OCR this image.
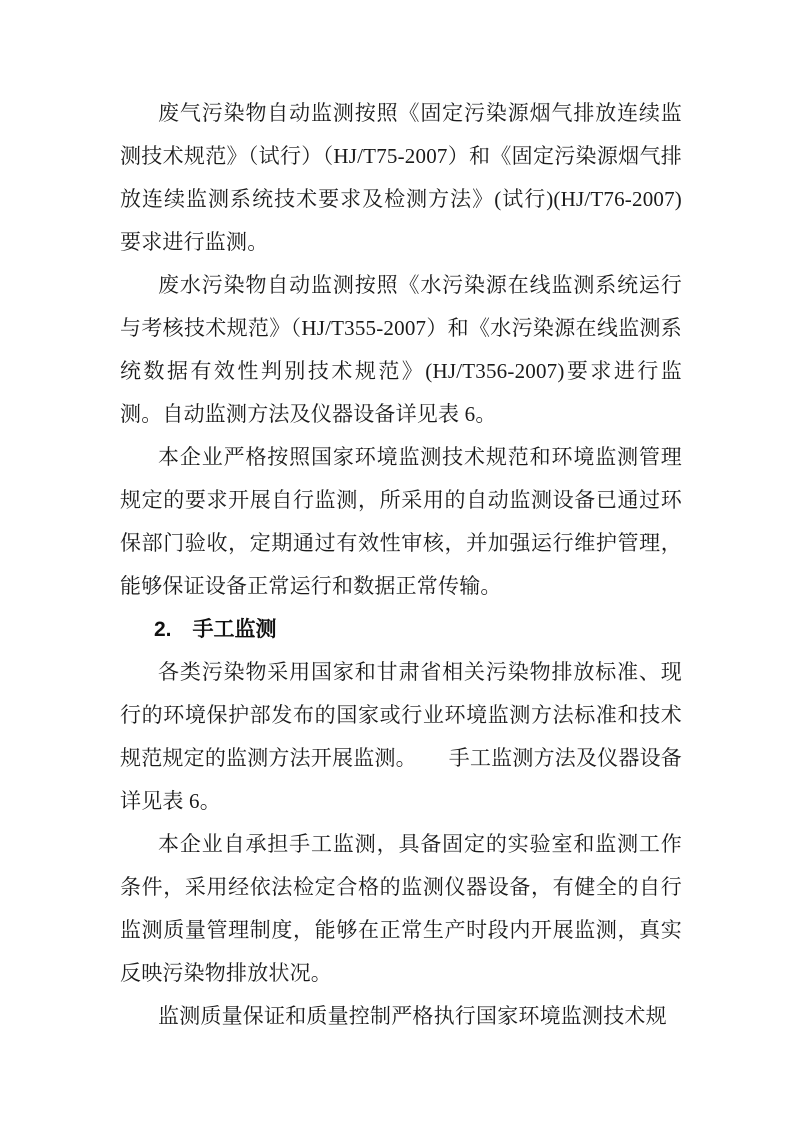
废气污染物自动监测按照《固定污染源烟气排放连续监测技术规范》（试行）（HJ/T75-2007）和《固定污染源烟气排放连续监测系统技术要求及检测方法》(试行)(HJ/T76-2007)要求进行监测。

废水污染物自动监测按照《水污染源在线监测系统运行与考核技术规范》（HJ/T355-2007）和《水污染源在线监测系统数据有效性判别技术规范》(HJ/T356-2007)要求进行监测。自动监测方法及仪器设备详见表 6。

本企业严格按照国家环境监测技术规范和环境监测管理规定的要求开展自行监测，所采用的自动监测设备已通过环保部门验收，定期通过有效性审核，并加强运行维护管理，能够保证设备正常运行和数据正常传输。

2.　手工监测

各类污染物采用国家和甘肃省相关污染物排放标准、现行的环境保护部发布的国家或行业环境监测方法标准和技术规范规定的监测方法开展监测。　　手工监测方法及仪器设备详见表 6。

本企业自承担手工监测，具备固定的实验室和监测工作条件，采用经依法检定合格的监测仪器设备，有健全的自行监测质量管理制度，能够在正常生产时段内开展监测，真实反映污染物排放状况。

监测质量保证和质量控制严格执行国家环境监测技术规
